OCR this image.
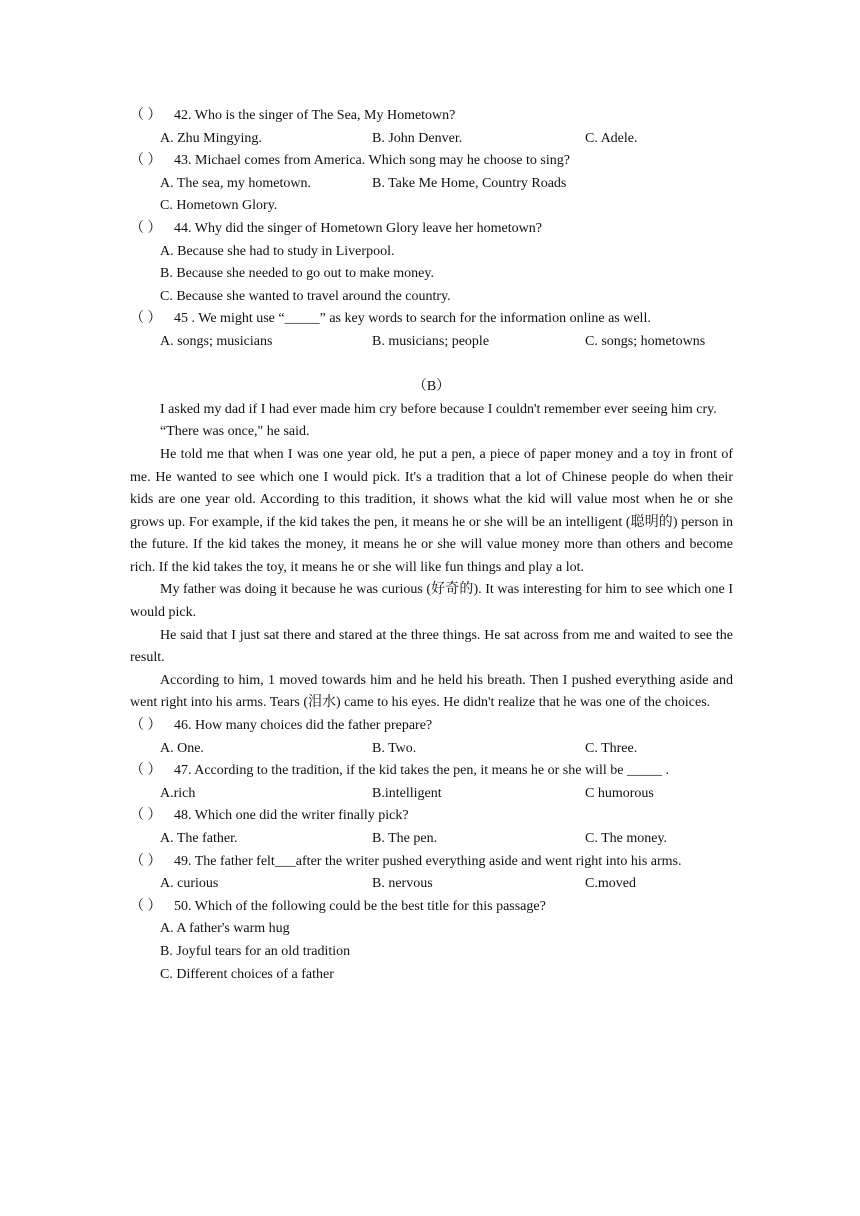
（ ） 42. Who is the singer of The Sea, My Hometown?
A. Zhu Mingying.	B. John Denver.	C. Adele.
（ ） 43. Michael comes from America. Which song may he choose to sing?
A. The sea, my hometown.	B. Take Me Home, Country Roads
C. Hometown Glory.
（ ） 44. Why did the singer of Hometown Glory leave her hometown?
A. Because she had to study in Liverpool.
B. Because she needed to go out to make money.
C. Because she wanted to travel around the country.
（ ） 45 . We might use “_____” as key words to search for the information online as well.
A. songs; musicians	B. musicians; people	C. songs; hometowns
（B）

I asked my dad if I had ever made him cry before because I couldn't remember ever seeing him cry.

“There was once," he said.

He told me that when I was one year old, he put a pen, a piece of paper money and a toy in front of me. He wanted to see which one I would pick. It's a tradition that a lot of Chinese people do when their kids are one year old. According to this tradition, it shows what the kid will value most when he or she grows up. For example, if the kid takes the pen, it means he or she will be an intelligent (聪明的) person in the future. If the kid takes the money, it means he or she will value money more than others and become rich. If the kid takes the toy, it means he or she will like fun things and play a lot.

My father was doing it because he was curious (好奇的). It was interesting for him to see which one I would pick.

He said that I just sat there and stared at the three things. He sat across from me and waited to see the result.

According to him, 1 moved towards him and he held his breath. Then I pushed everything aside and went right into his arms. Tears (泪水) came to his eyes. He didn't realize that he was one of the choices.

（ ） 46. How many choices did the father prepare?
A. One.	B. Two.	C. Three.
（ ） 47. According to the tradition, if the kid takes the pen, it means he or she will be _____ .
A.rich	B.intelligent	C humorous
（ ） 48. Which one did the writer finally pick?
A. The father.	B. The pen.	C. The money.
（ ） 49. The father felt___after the writer pushed everything aside and went right into his arms.
A. curious	B. nervous	C.moved
（ ） 50. Which of the following could be the best title for this passage?
A. A father's warm hug
B. Joyful tears for an old tradition
C. Different choices of a father
